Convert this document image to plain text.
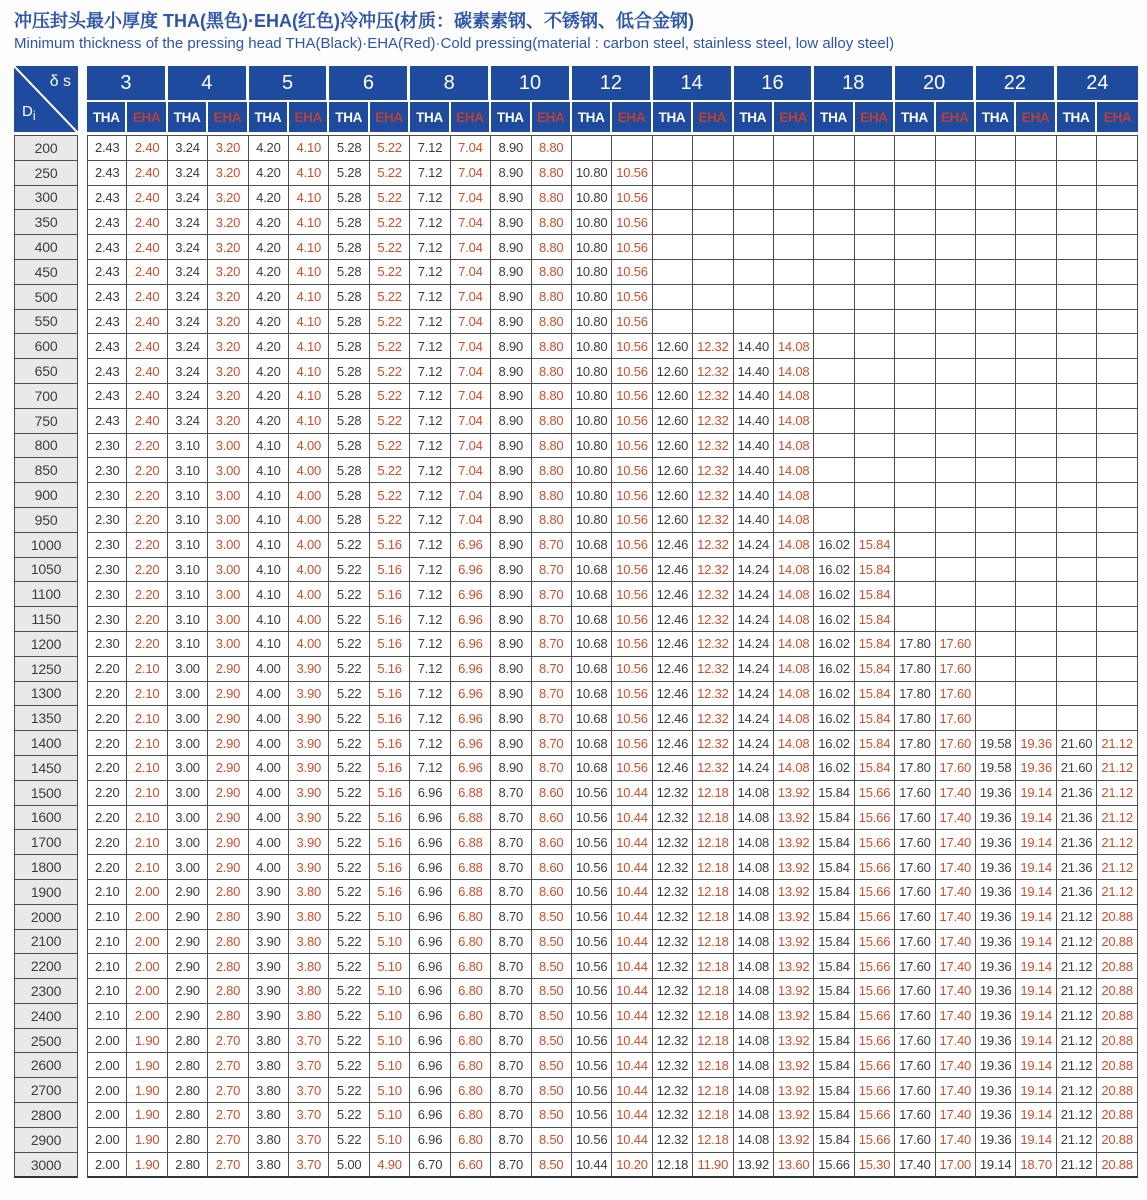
冲压封头最小厚度 THA(黑色)·EHA(红色)冷冲压(材质：碳素素钢、不锈钢、低合金钢)
Minimum thickness of the pressing head THA(Black)·EHA(Red)·Cold pressing(material : carbon steel, stainless steel, low alloy steel)
δ s
$D_i$		3		4		5		6		8		10		12		14		16		18		20		22		24	
		THA	EHA	THA	EHA	THA	EHA	THA	EHA	THA	EHA	THA	EHA	THA	EHA	THA	EHA	THA	EHA	THA	EHA	THA	EHA	THA	EHA	THA	EHA
200		2.43	2.40	3.24	3.20	4.20	4.10	5.28	5.22	7.12	7.04	8.90	8.80														
250		2.43	2.40	3.24	3.20	4.20	4.10	5.28	5.22	7.12	7.04	8.90	8.80	10.80	10.56												
300		2.43	2.40	3.24	3.20	4.20	4.10	5.28	5.22	7.12	7.04	8.90	8.80	10.80	10.56												
350		2.43	2.40	3.24	3.20	4.20	4.10	5.28	5.22	7.12	7.04	8.90	8.80	10.80	10.56												
400		2.43	2.40	3.24	3.20	4.20	4.10	5.28	5.22	7.12	7.04	8.90	8.80	10.80	10.56												
450		2.43	2.40	3.24	3.20	4.20	4.10	5.28	5.22	7.12	7.04	8.90	8.80	10.80	10.56												
500		2.43	2.40	3.24	3.20	4.20	4.10	5.28	5.22	7.12	7.04	8.90	8.80	10.80	10.56												
550		2.43	2.40	3.24	3.20	4.20	4.10	5.28	5.22	7.12	7.04	8.90	8.80	10.80	10.56												
600		2.43	2.40	3.24	3.20	4.20	4.10	5.28	5.22	7.12	7.04	8.90	8.80	10.80	10.56	12.60	12.32	14.40	14.08								
650		2.43	2.40	3.24	3.20	4.20	4.10	5.28	5.22	7.12	7.04	8.90	8.80	10.80	10.56	12.60	12.32	14.40	14.08								
700		2.43	2.40	3.24	3.20	4.20	4.10	5.28	5.22	7.12	7.04	8.90	8.80	10.80	10.56	12.60	12.32	14.40	14.08								
750		2.43	2.40	3.24	3.20	4.20	4.10	5.28	5.22	7.12	7.04	8.90	8.80	10.80	10.56	12.60	12.32	14.40	14.08								
800		2.30	2.20	3.10	3.00	4.10	4.00	5.28	5.22	7.12	7.04	8.90	8.80	10.80	10.56	12.60	12.32	14.40	14.08								
850		2.30	2.20	3.10	3.00	4.10	4.00	5.28	5.22	7.12	7.04	8.90	8.80	10.80	10.56	12.60	12.32	14.40	14.08								
900		2.30	2.20	3.10	3.00	4.10	4.00	5.28	5.22	7.12	7.04	8.90	8.80	10.80	10.56	12.60	12.32	14.40	14.08								
950		2.30	2.20	3.10	3.00	4.10	4.00	5.28	5.22	7.12	7.04	8.90	8.80	10.80	10.56	12.60	12.32	14.40	14.08								
1000		2.30	2.20	3.10	3.00	4.10	4.00	5.22	5.16	7.12	6.96	8.90	8.70	10.68	10.56	12.46	12.32	14.24	14.08	16.02	15.84						
1050		2.30	2.20	3.10	3.00	4.10	4.00	5.22	5.16	7.12	6.96	8.90	8.70	10.68	10.56	12.46	12.32	14.24	14.08	16.02	15.84						
1100		2.30	2.20	3.10	3.00	4.10	4.00	5.22	5.16	7.12	6.96	8.90	8.70	10.68	10.56	12.46	12.32	14.24	14.08	16.02	15.84						
1150		2.30	2.20	3.10	3.00	4.10	4.00	5.22	5.16	7.12	6.96	8.90	8.70	10.68	10.56	12.46	12.32	14.24	14.08	16.02	15.84						
1200		2.30	2.20	3.10	3.00	4.10	4.00	5.22	5.16	7.12	6.96	8.90	8.70	10.68	10.56	12.46	12.32	14.24	14.08	16.02	15.84	17.80	17.60				
1250		2.20	2.10	3.00	2.90	4.00	3.90	5.22	5.16	7.12	6.96	8.90	8.70	10.68	10.56	12.46	12.32	14.24	14.08	16.02	15.84	17.80	17.60				
1300		2.20	2.10	3.00	2.90	4.00	3.90	5.22	5.16	7.12	6.96	8.90	8.70	10.68	10.56	12.46	12.32	14.24	14.08	16.02	15.84	17.80	17.60				
1350		2.20	2.10	3.00	2.90	4.00	3.90	5.22	5.16	7.12	6.96	8.90	8.70	10.68	10.56	12.46	12.32	14.24	14.08	16.02	15.84	17.80	17.60				
1400		2.20	2.10	3.00	2.90	4.00	3.90	5.22	5.16	7.12	6.96	8.90	8.70	10.68	10.56	12.46	12.32	14.24	14.08	16.02	15.84	17.80	17.60	19.58	19.36	21.60	21.12
1450		2.20	2.10	3.00	2.90	4.00	3.90	5.22	5.16	7.12	6.96	8.90	8.70	10.68	10.56	12.46	12.32	14.24	14.08	16.02	15.84	17.80	17.60	19.58	19.36	21.60	21.12
1500		2.20	2.10	3.00	2.90	4.00	3.90	5.22	5.16	6.96	6.88	8.70	8.60	10.56	10.44	12.32	12.18	14.08	13.92	15.84	15.66	17.60	17.40	19.36	19.14	21.36	21.12
1600		2.20	2.10	3.00	2.90	4.00	3.90	5.22	5.16	6.96	6.88	8.70	8.60	10.56	10.44	12.32	12.18	14.08	13.92	15.84	15.66	17.60	17.40	19.36	19.14	21.36	21.12
1700		2.20	2.10	3.00	2.90	4.00	3.90	5.22	5.16	6.96	6.88	8.70	8.60	10.56	10.44	12.32	12.18	14.08	13.92	15.84	15.66	17.60	17.40	19.36	19.14	21.36	21.12
1800		2.20	2.10	3.00	2.90	4.00	3.90	5.22	5.16	6.96	6.88	8.70	8.60	10.56	10.44	12.32	12.18	14.08	13.92	15.84	15.66	17.60	17.40	19.36	19.14	21.36	21.12
1900		2.10	2.00	2.90	2.80	3.90	3.80	5.22	5.16	6.96	6.88	8.70	8.60	10.56	10.44	12.32	12.18	14.08	13.92	15.84	15.66	17.60	17.40	19.36	19.14	21.36	21.12
2000		2.10	2.00	2.90	2.80	3.90	3.80	5.22	5.10	6.96	6.80	8.70	8.50	10.56	10.44	12.32	12.18	14.08	13.92	15.84	15.66	17.60	17.40	19.36	19.14	21.12	20.88
2100		2.10	2.00	2.90	2.80	3.90	3.80	5.22	5.10	6.96	6.80	8.70	8.50	10.56	10.44	12.32	12.18	14.08	13.92	15.84	15.66	17.60	17.40	19.36	19.14	21.12	20.88
2200		2.10	2.00	2.90	2.80	3.90	3.80	5.22	5.10	6.96	6.80	8.70	8.50	10.56	10.44	12.32	12.18	14.08	13.92	15.84	15.66	17.60	17.40	19.36	19.14	21.12	20.88
2300		2.10	2.00	2.90	2.80	3.90	3.80	5.22	5.10	6.96	6.80	8.70	8.50	10.56	10.44	12.32	12.18	14.08	13.92	15.84	15.66	17.60	17.40	19.36	19.14	21.12	20.88
2400		2.10	2.00	2.90	2.80	3.90	3.80	5.22	5.10	6.96	6.80	8.70	8.50	10.56	10.44	12.32	12.18	14.08	13.92	15.84	15.66	17.60	17.40	19.36	19.14	21.12	20.88
2500		2.00	1.90	2.80	2.70	3.80	3.70	5.22	5.10	6.96	6.80	8.70	8.50	10.56	10.44	12.32	12.18	14.08	13.92	15.84	15.66	17.60	17.40	19.36	19.14	21.12	20.88
2600		2.00	1.90	2.80	2.70	3.80	3.70	5.22	5.10	6.96	6.80	8.70	8.50	10.56	10.44	12.32	12.18	14.08	13.92	15.84	15.66	17.60	17.40	19.36	19.14	21.12	20.88
2700		2.00	1.90	2.80	2.70	3.80	3.70	5.22	5.10	6.96	6.80	8.70	8.50	10.56	10.44	12.32	12.18	14.08	13.92	15.84	15.66	17.60	17.40	19.36	19.14	21.12	20.88
2800		2.00	1.90	2.80	2.70	3.80	3.70	5.22	5.10	6.96	6.80	8.70	8.50	10.56	10.44	12.32	12.18	14.08	13.92	15.84	15.66	17.60	17.40	19.36	19.14	21.12	20.88
2900		2.00	1.90	2.80	2.70	3.80	3.70	5.22	5.10	6.96	6.80	8.70	8.50	10.56	10.44	12.32	12.18	14.08	13.92	15.84	15.66	17.60	17.40	19.36	19.14	21.12	20.88
3000		2.00	1.90	2.80	2.70	3.80	3.70	5.00	4.90	6.70	6.60	8.70	8.50	10.44	10.20	12.18	11.90	13.92	13.60	15.66	15.30	17.40	17.00	19.14	18.70	21.12	20.88
